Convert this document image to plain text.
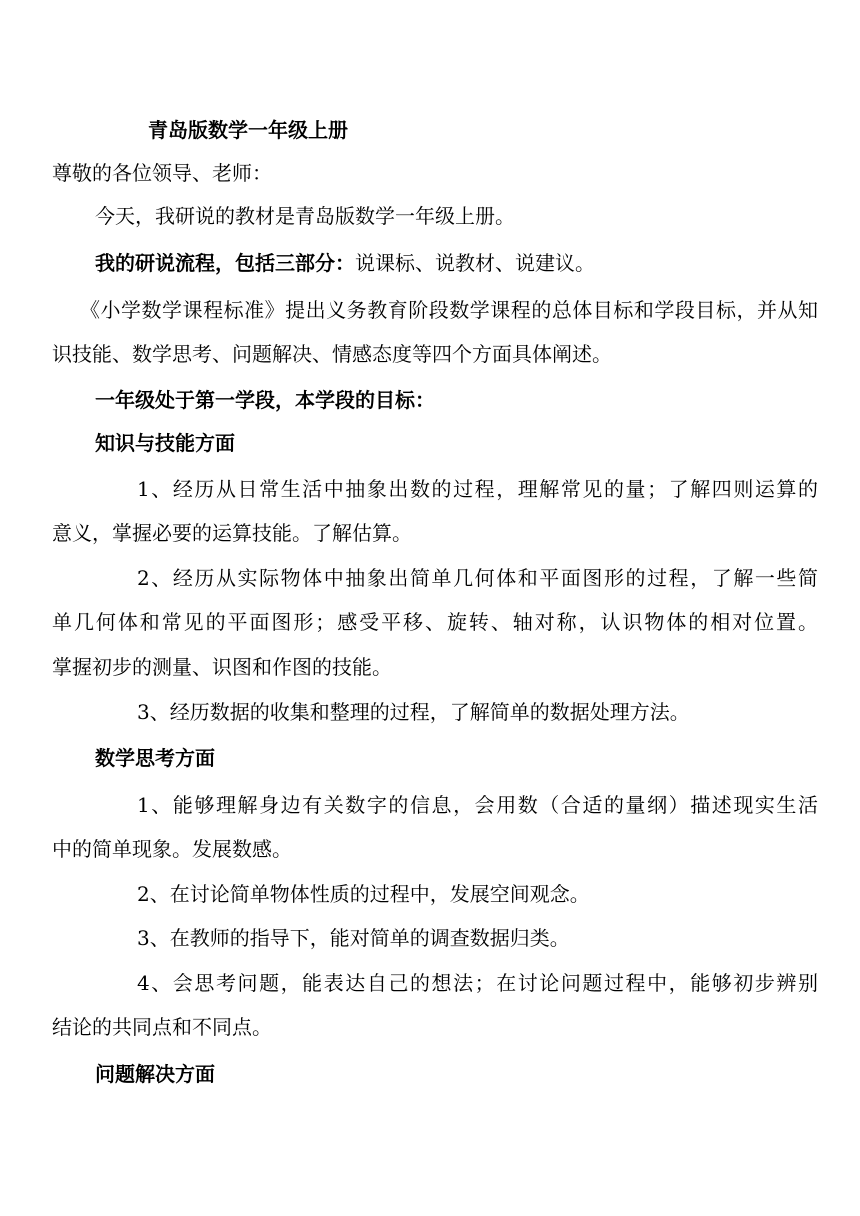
青岛版数学一年级上册
尊敬的各位领导、老师：
今天，我研说的教材是青岛版数学一年级上册。
我的研说流程，包括三部分：说课标、说教材、说建议。
《小学数学课程标准》提出义务教育阶段数学课程的总体目标和学段目标，并从知
识技能、数学思考、问题解决、情感态度等四个方面具体阐述。
一年级处于第一学段，本学段的目标：
知识与技能方面
1、经历从日常生活中抽象出数的过程，理解常见的量；了解四则运算的
意义，掌握必要的运算技能。了解估算。
2、经历从实际物体中抽象出简单几何体和平面图形的过程，了解一些简
单几何体和常见的平面图形；感受平移、旋转、轴对称，认识物体的相对位置。
掌握初步的测量、识图和作图的技能。
3、经历数据的收集和整理的过程，了解简单的数据处理方法。
数学思考方面
1、能够理解身边有关数字的信息，会用数（合适的量纲）描述现实生活
中的简单现象。发展数感。
2、在讨论简单物体性质的过程中，发展空间观念。
3、在教师的指导下，能对简单的调查数据归类。
4、会思考问题，能表达自己的想法；在讨论问题过程中，能够初步辨别
结论的共同点和不同点。
问题解决方面
